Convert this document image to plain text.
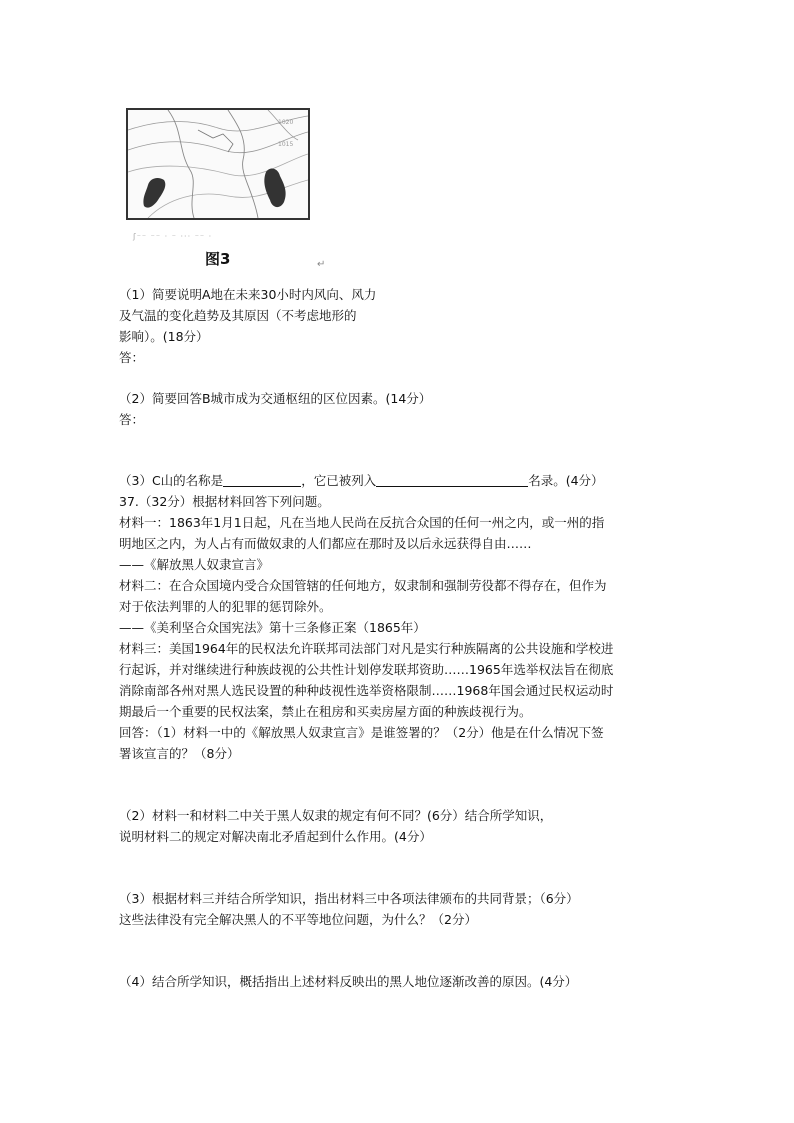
1020
1015
ʃ⁻⁻ ⁻⁻ · ⁻ ··· ⁻⁻ ·
图3	↵
（1）简要说明A地在未来30小时内风向、风力
及气温的变化趋势及其原因（不考虑地形的
影响）。(18分）
答：
（2）简要回答B城市成为交通枢纽的区位因素。(14分）
答：
（3）C山的名称是	，它已被列入	名录。(4分）
37.（32分）根据材料回答下列问题。
材料一：1863年1月1日起，凡在当地人民尚在反抗合众国的任何一州之内，或一州的指
明地区之内，为人占有而做奴隶的人们都应在那时及以后永远获得自由……
——《解放黑人奴隶宣言》
材料二：在合众国境内受合众国管辖的任何地方，奴隶制和强制劳役都不得存在，但作为
对于依法判罪的人的犯罪的惩罚除外。
——《美利坚合众国宪法》第十三条修正案（1865年）
材料三：美国1964年的民权法允许联邦司法部门对凡是实行种族隔离的公共设施和学校进
行起诉，并对继续进行种族歧视的公共性计划停发联邦资助……1965年选举权法旨在彻底
消除南部各州对黑人选民设置的种种歧视性选举资格限制……1968年国会通过民权运动时
期最后一个重要的民权法案，禁止在租房和买卖房屋方面的种族歧视行为。
回答：（1）材料一中的《解放黑人奴隶宣言》是谁签署的？（2分）他是在什么情况下签
署该宣言的？（8分）
（2）材料一和材料二中关于黑人奴隶的规定有何不同？(6分）结合所学知识，
说明材料二的规定对解决南北矛盾起到什么作用。(4分）
（3）根据材料三并结合所学知识，指出材料三中各项法律颁布的共同背景；（6分）
这些法律没有完全解决黑人的不平等地位问题，为什么？（2分）
（4）结合所学知识，概括指出上述材料反映出的黑人地位逐渐改善的原因。(4分）
